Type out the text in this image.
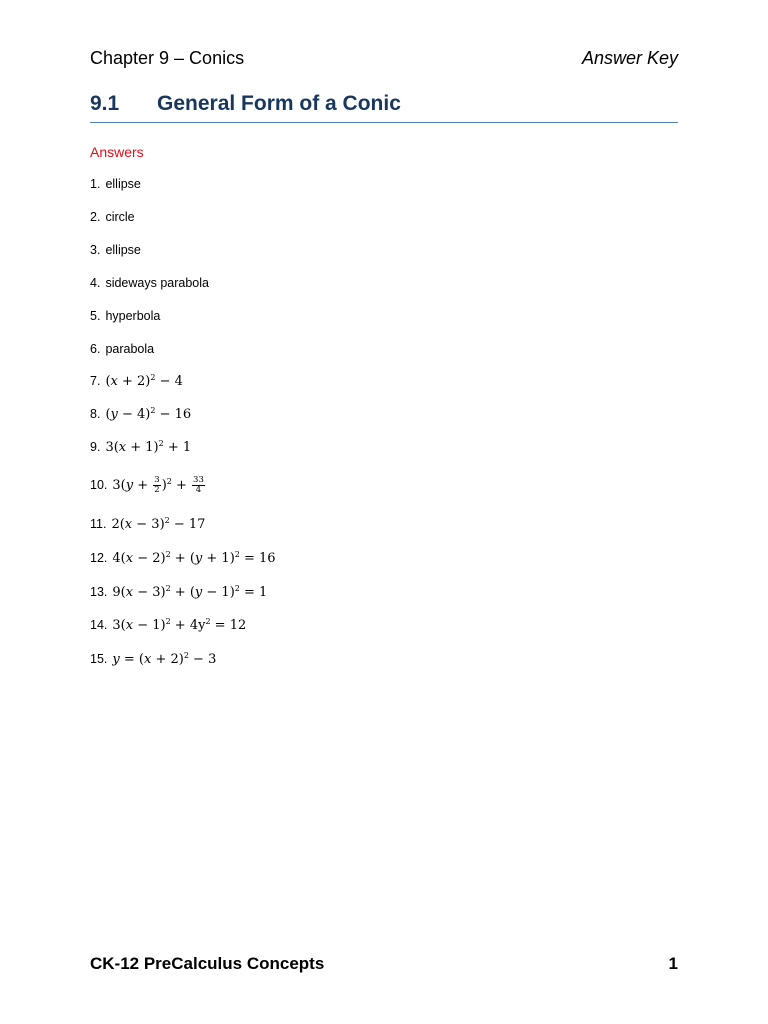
Chapter 9 – Conics	Answer Key
9.1 General Form of a Conic
Answers
1. ellipse
2. circle
3. ellipse
4. sideways parabola
5. hyperbola
6. parabola
7. $(x + 2)^2 - 4$
8. $(y - 4)^2 - 16$
9. $3(x + 1)^2 + 1$
10. $3(y + \frac{3}{2} )^2 + \frac{33}{4}$
11. $2(x - 3)^2 - 17$
12. $4(x - 2)^2 + (y + 1)^2 = 16$
13. $9(x - 3)^2 + (y - 1)^2 = 1$
14. $3(x - 1)^2 + 4y^2 = 12$
15. $y = (x + 2)^2 - 3$
CK-12 PreCalculus Concepts	1
